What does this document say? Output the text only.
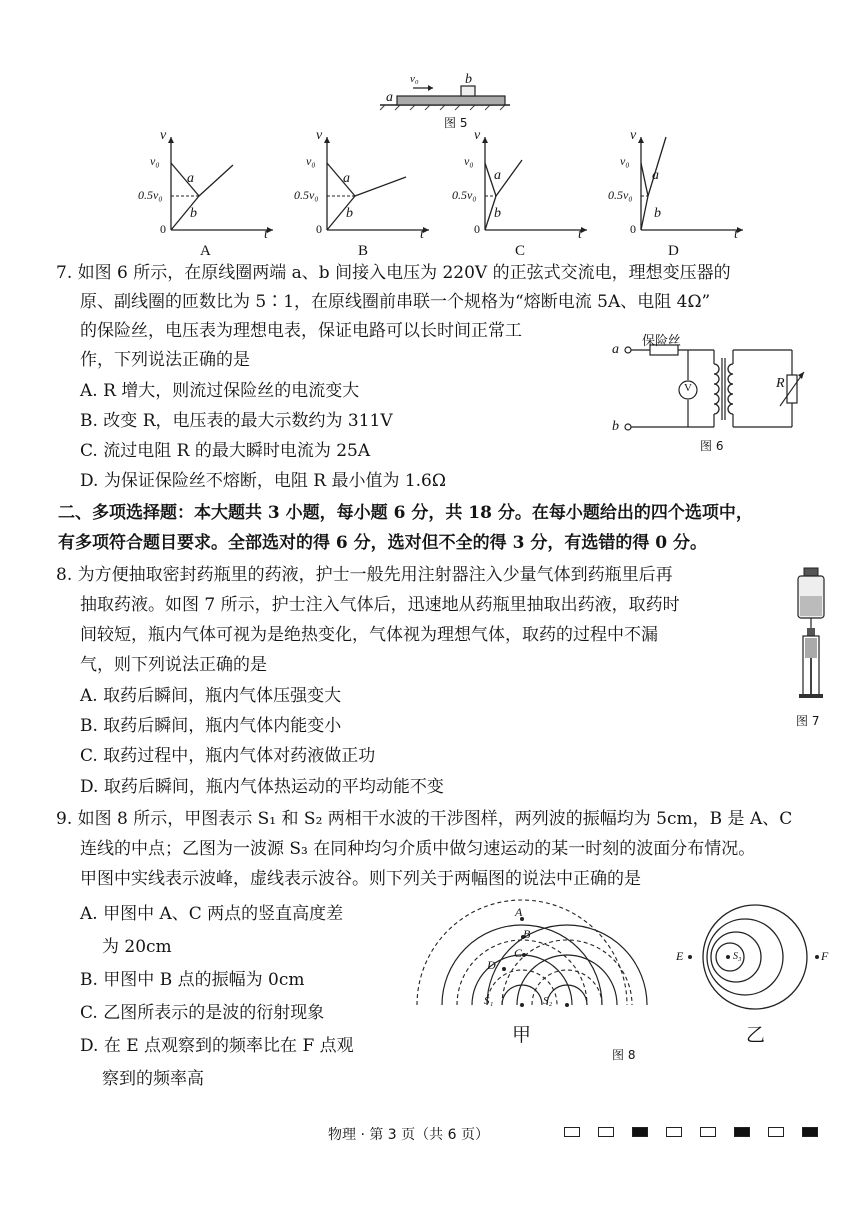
v₀
a
b
图 5
v
v₀
0.5v₀
0
a
b
t
A
v
v₀
0.5v₀
0
a
b
t
B
v
v₀
0.5v₀
0
a
b
t
C
v
v₀
0.5v₀
0
a
b
t
D
7. 如图 6 所示，在原线圈两端 a、b 间接入电压为 220V 的正弦式交流电，理想变压器的
原、副线圈的匝数比为 5∶1，在原线圈前串联一个规格为“熔断电流 5A、电阻 4Ω”
的保险丝，电压表为理想电表，保证电路可以长时间正常工
作，下列说法正确的是
A. R 增大，则流过保险丝的电流变大
B. 改变 R，电压表的最大示数约为 311V
C. 流过电阻 R 的最大瞬时电流为 25A
D. 为保证保险丝不熔断，电阻 R 最小值为 1.6Ω
保险丝
a
b
V	R
图 6
二、多项选择题：本大题共 3 小题，每小题 6 分，共 18 分。在每小题给出的四个选项中，
有多项符合题目要求。全部选对的得 6 分，选对但不全的得 3 分，有选错的得 0 分。
8. 为方便抽取密封药瓶里的药液，护士一般先用注射器注入少量气体到药瓶里后再
抽取药液。如图 7 所示，护士注入气体后，迅速地从药瓶里抽取出药液，取药时
间较短，瓶内气体可视为是绝热变化，气体视为理想气体，取药的过程中不漏
气，则下列说法正确的是
A. 取药后瞬间，瓶内气体压强变大
B. 取药后瞬间，瓶内气体内能变小
C. 取药过程中，瓶内气体对药液做正功
D. 取药后瞬间，瓶内气体热运动的平均动能不变
图 7
9. 如图 8 所示，甲图表示 S₁ 和 S₂ 两相干水波的干涉图样，两列波的振幅均为 5cm，B 是 A、C
连线的中点；乙图为一波源 S₃ 在同种均匀介质中做匀速运动的某一时刻的波面分布情况。
甲图中实线表示波峰，虚线表示波谷。则下列关于两幅图的说法中正确的是
A. 甲图中 A、C 两点的竖直高度差
为 20cm
B. 甲图中 B 点的振幅为 0cm
C. 乙图所表示的是波的衍射现象
D. 在 E 点观察到的频率比在 F 点观
察到的频率高
A
B
C
D
S₁	S₂
甲
E	F
S₃
乙
图 8
物理 · 第 3 页（共 6 页）
